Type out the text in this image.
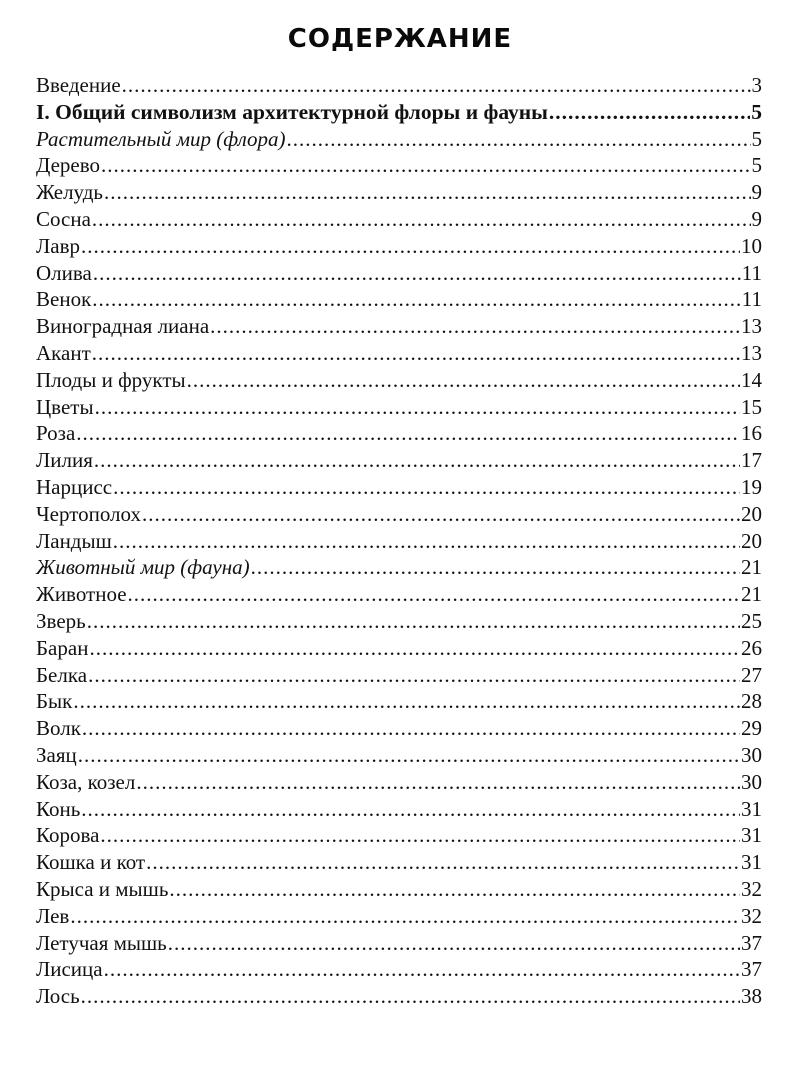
СОДЕРЖАНИЕ
Введение .....	3
I. Общий символизм архитектурной флоры и фауны .....	5
Растительный мир (флора) .....	5
Дерево .....	5
Желудь .....	9
Сосна .....	9
Лавр .....	10
Олива .....	11
Венок .....	11
Виноградная лиана .....	13
Акант .....	13
Плоды и фрукты .....	14
Цветы .....	15
Роза .....	16
Лилия .....	17
Нарцисс .....	19
Чертополох .....	20
Ландыш .....	20
Животный мир (фауна) .....	21
Животное .....	21
Зверь .....	25
Баран .....	26
Белка .....	27
Бык .....	28
Волк .....	29
Заяц .....	30
Коза, козел .....	30
Конь .....	31
Корова .....	31
Кошка и кот .....	31
Крыса и мышь .....	32
Лев .....	32
Летучая мышь .....	37
Лисица .....	37
Лось .....	38
